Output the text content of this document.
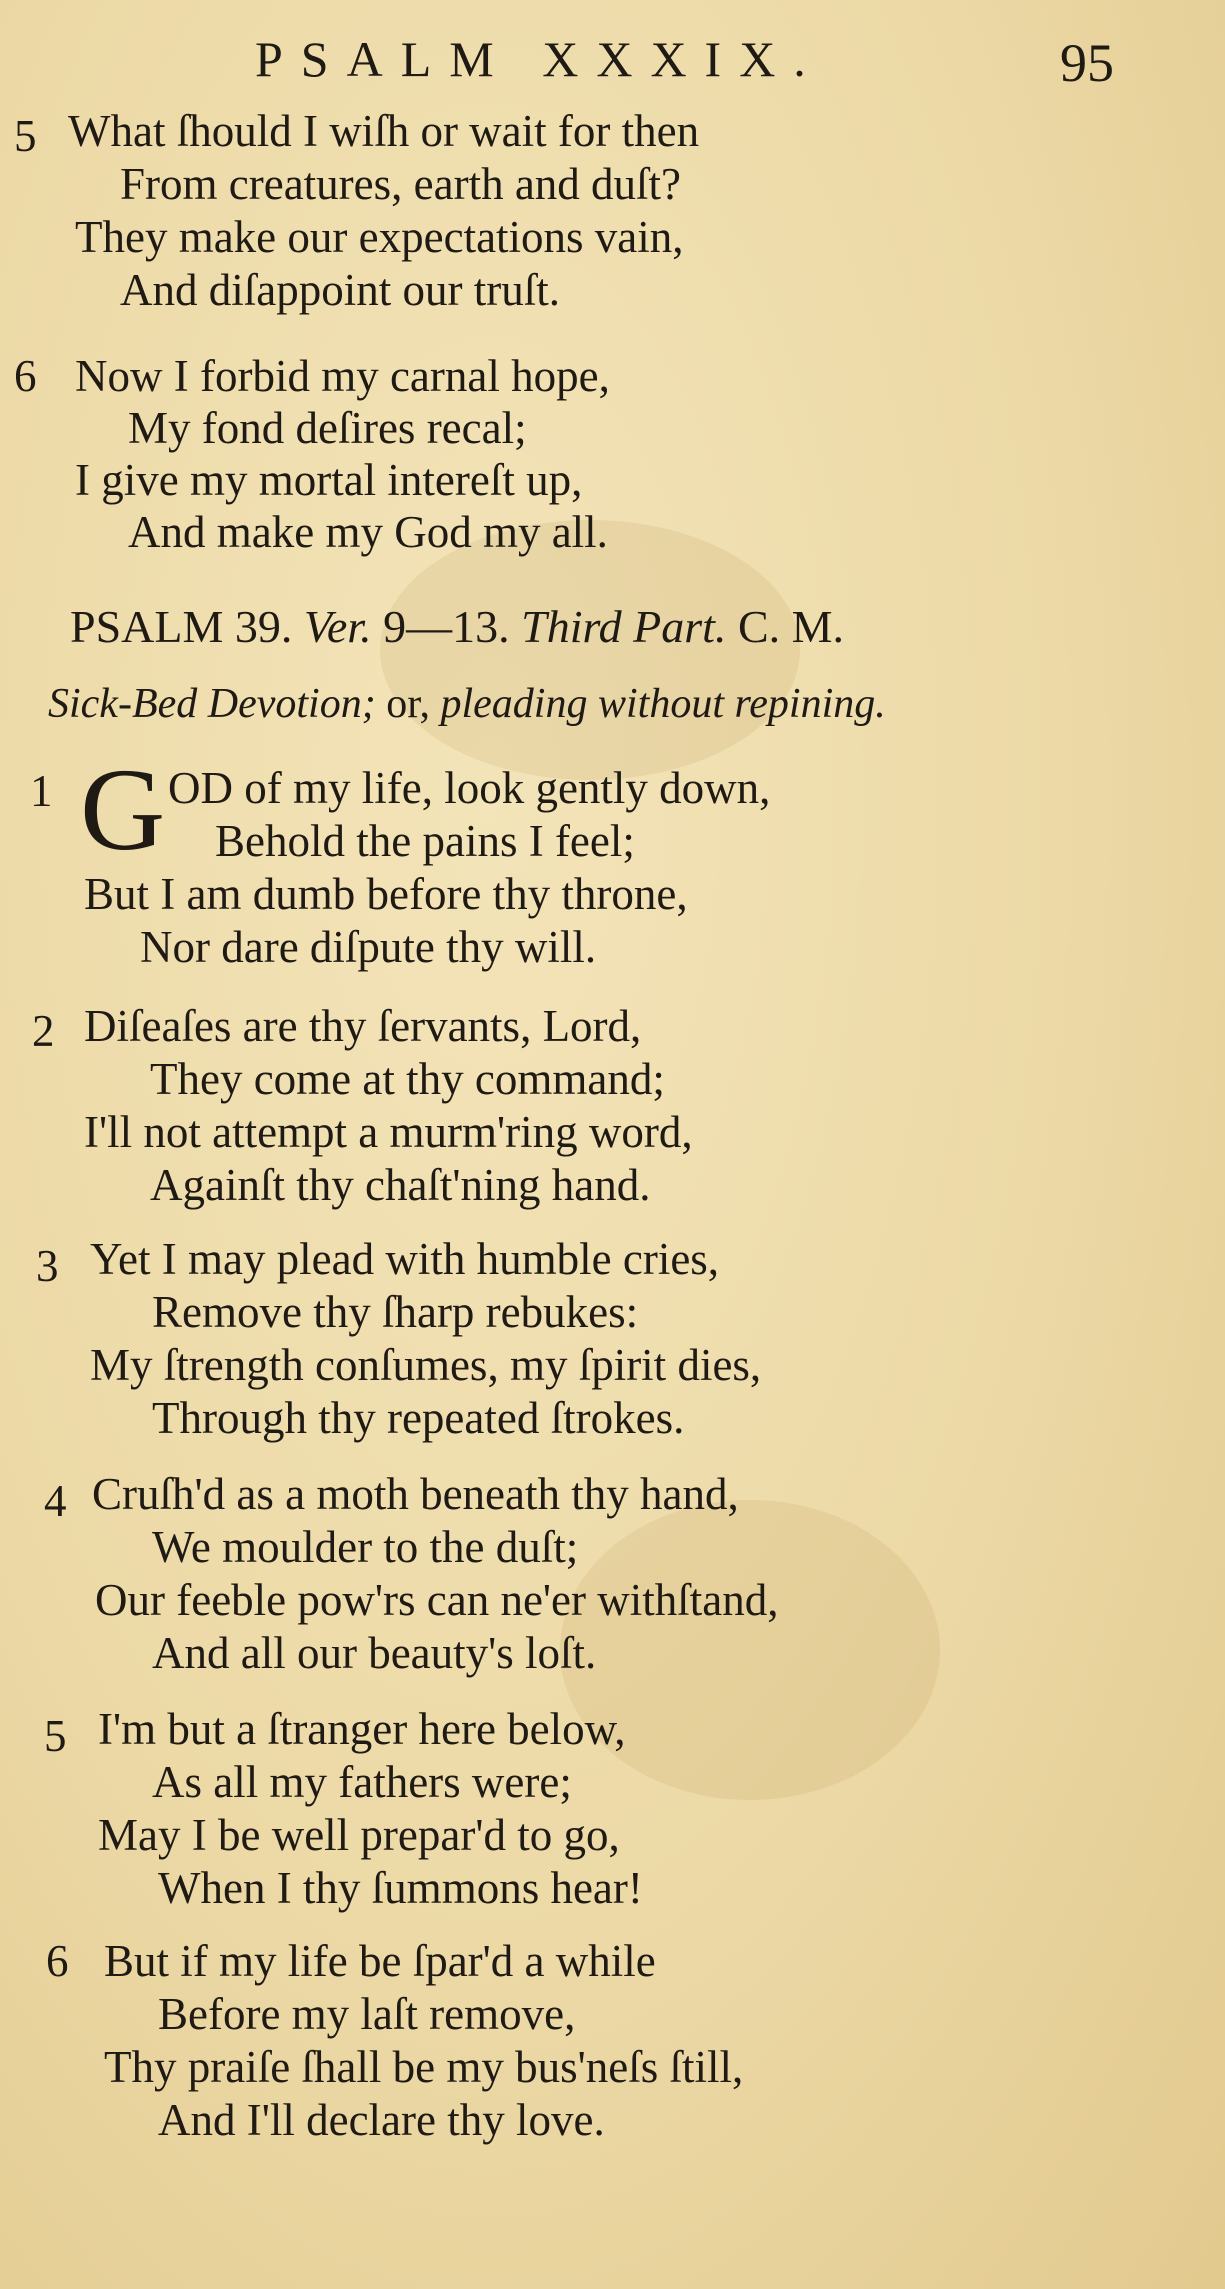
PSALM XXXIX.	95
5 What ſhould I wiſh or wait for then
From creatures, earth and duſt?
They make our expectations vain,
And diſappoint our truſt.
6 Now I forbid my carnal hope,
My fond deſires recal;
I give my mortal intereſt up,
And make my God my all.
PSALM 39. Ver. 9—13. Third Part. C. M.
Sick-Bed Devotion; or, pleading without repining.
1 G OD of my life, look gently down,
Behold the pains I feel;
But I am dumb before thy throne,
Nor dare diſpute thy will.
2 Diſeaſes are thy ſervants, Lord,
They come at thy command;
I'll not attempt a murm'ring word,
Againſt thy chaſt'ning hand.
3 Yet I may plead with humble cries,
Remove thy ſharp rebukes:
My ſtrength conſumes, my ſpirit dies,
Through thy repeated ſtrokes.
4 Cruſh'd as a moth beneath thy hand,
We moulder to the duſt;
Our feeble pow'rs can ne'er withſtand,
And all our beauty's loſt.
5 I'm but a ſtranger here below,
As all my fathers were;
May I be well prepar'd to go,
When I thy ſummons hear!
6 But if my life be ſpar'd a while
Before my laſt remove,
Thy praiſe ſhall be my bus'neſs ſtill,
And I'll declare thy love.
